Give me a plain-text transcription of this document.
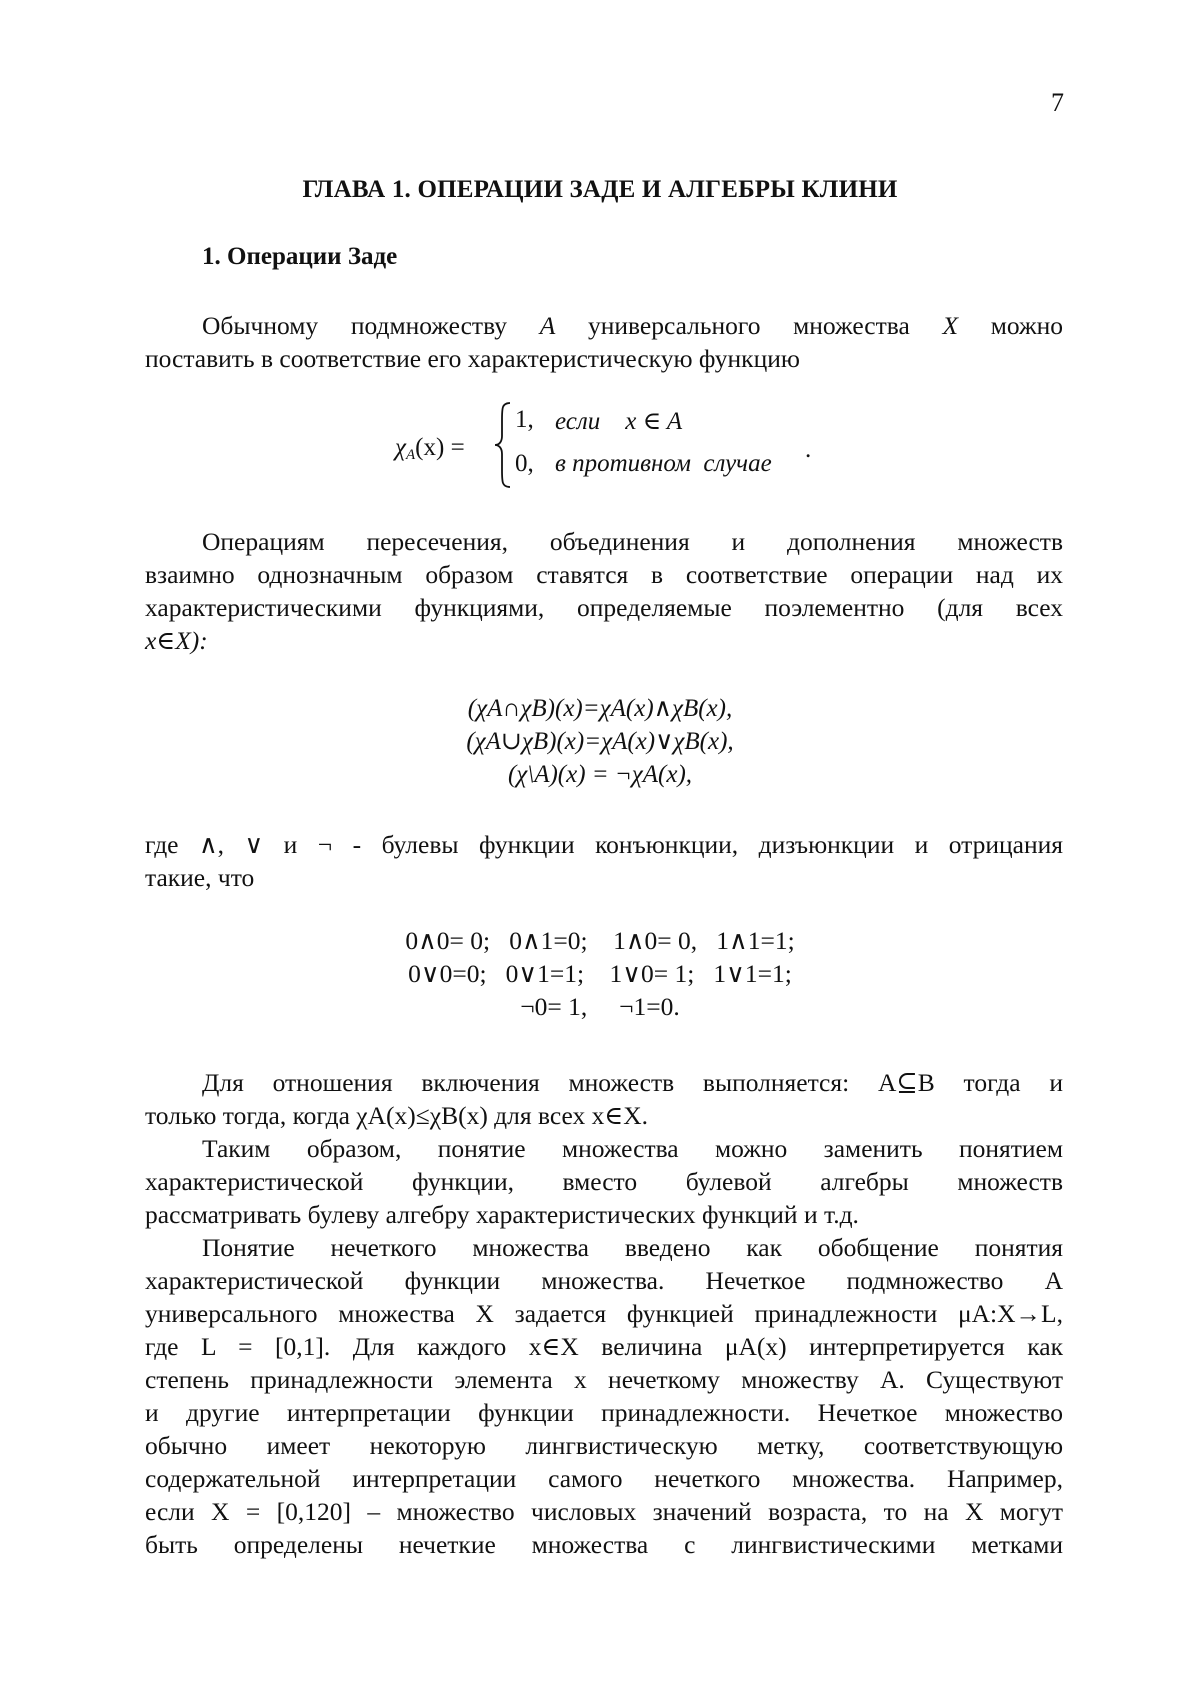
7
ГЛАВА 1. ОПЕРАЦИИ ЗАДЕ И АЛГЕБРЫ КЛИНИ
1. Операции Заде
Обычному подмножеству A универсального множества X можно
поставить в соответствие его характеристическую функцию
$\chi_A(x)$ =
1, если    x ∈ A
0, в противном  случае
.
Операциям пересечения, объединения и дополнения множеств
взаимно однозначным образом ставятся в соответствие операции над их
характеристическими функциями, определяемые поэлементно (для всех
x∈X):
(χA∩χB)(x)=χA(x)∧χB(x),
(χA∪χB)(x)=χA(x)∨χB(x),
(χ\A)(x) = ¬χA(x),
где ∧, ∨ и ¬ - булевы функции конъюнкции, дизъюнкции и отрицания
такие, что
0∧0= 0;   0∧1=0;    1∧0= 0,   1∧1=1;
0∨0=0;   0∨1=1;    1∨0= 1;   1∨1=1;
¬0= 1,     ¬1=0.
Для отношения включения множеств выполняется: A⊆B тогда и
только тогда, когда χA(x)≤χB(x) для всех x∈X.
Таким образом, понятие множества можно заменить понятием
характеристической функции, вместо булевой алгебры множеств
рассматривать булеву алгебру характеристических функций и т.д.
Понятие нечеткого множества введено как обобщение понятия
характеристической функции множества. Нечеткое подмножество A
универсального множества X задается функцией принадлежности μA:X→L,
где L = [0,1]. Для каждого x∈X величина μA(x) интерпретируется как
степень принадлежности элемента x нечеткому множеству A. Существуют
и другие интерпретации функции принадлежности. Нечеткое множество
обычно имеет некоторую лингвистическую метку, соответствующую
содержательной интерпретации самого нечеткого множества. Например,
если X = [0,120] – множество числовых значений возраста, то на X могут
быть определены нечеткие множества с лингвистическими метками
